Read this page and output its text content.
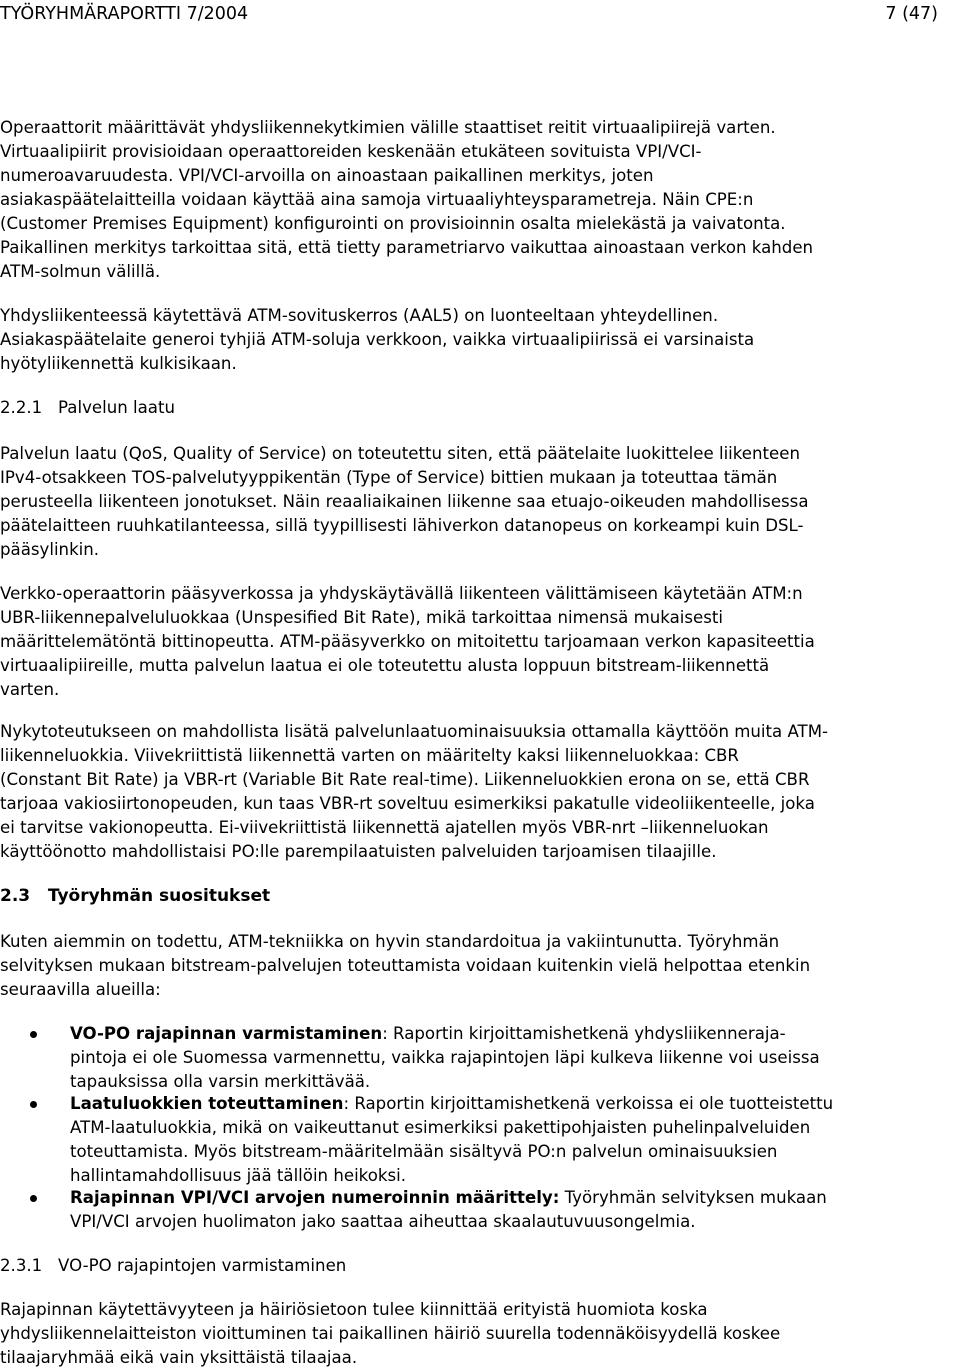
TYÖRYHMÄRAPORTTI 7/2004	7 (47)
Operaattorit määrittävät yhdysliikennekytkimien välille staattiset reitit virtuaalipiirejä varten.
Virtuaalipiirit provisioidaan operaattoreiden keskenään etukäteen sovituista VPI/VCI-
numeroavaruudesta. VPI/VCI-arvoilla on ainoastaan paikallinen merkitys, joten
asiakaspäätelaitteilla voidaan käyttää aina samoja virtuaaliyhteysparametreja. Näin CPE:n
(Customer Premises Equipment) konfigurointi on provisioinnin osalta mielekästä ja vaivatonta.
Paikallinen merkitys tarkoittaa sitä, että tietty parametriarvo vaikuttaa ainoastaan verkon kahden
ATM-solmun välillä.
Yhdysliikenteessä käytettävä ATM-sovituskerros (AAL5) on luonteeltaan yhteydellinen.
Asiakaspäätelaite generoi tyhjiä ATM-soluja verkkoon, vaikka virtuaalipiirissä ei varsinaista
hyötyliikennettä kulkisikaan.
2.2.1   Palvelun laatu
Palvelun laatu (QoS, Quality of Service) on toteutettu siten, että päätelaite luokittelee liikenteen
IPv4-otsakkeen TOS-palvelutyyppikentän (Type of Service) bittien mukaan ja toteuttaa tämän
perusteella liikenteen jonotukset. Näin reaaliaikainen liikenne saa etuajo-oikeuden mahdollisessa
päätelaitteen ruuhkatilanteessa, sillä tyypillisesti lähiverkon datanopeus on korkeampi kuin DSL-
pääsylinkin.
Verkko-operaattorin pääsyverkossa ja yhdyskäytävällä liikenteen välittämiseen käytetään ATM:n
UBR-liikennepalveluluokkaa (Unspesified Bit Rate), mikä tarkoittaa nimensä mukaisesti
määrittelemätöntä bittinopeutta. ATM-pääsyverkko on mitoitettu tarjoamaan verkon kapasiteettia
virtuaalipiireille, mutta palvelun laatua ei ole toteutettu alusta loppuun bitstream-liikennettä
varten.
Nykytoteutukseen on mahdollista lisätä palvelunlaatuominaisuuksia ottamalla käyttöön muita ATM-
liikenneluokkia. Viivekriittistä liikennettä varten on määritelty kaksi liikenneluokkaa: CBR
(Constant Bit Rate) ja VBR-rt (Variable Bit Rate real-time). Liikenneluokkien erona on se, että CBR
tarjoaa vakiosiirtonopeuden, kun taas VBR-rt soveltuu esimerkiksi pakatulle videoliikenteelle, joka
ei tarvitse vakionopeutta. Ei-viivekriittistä liikennettä ajatellen myös VBR-nrt –liikenneluokan
käyttöönotto mahdollistaisi PO:lle parempilaatuisten palveluiden tarjoamisen tilaajille.
2.3   Työryhmän suositukset
Kuten aiemmin on todettu, ATM-tekniikka on hyvin standardoitua ja vakiintunutta. Työryhmän
selvityksen mukaan bitstream-palvelujen toteuttamista voidaan kuitenkin vielä helpottaa etenkin
seuraavilla alueilla:
VO-PO rajapinnan varmistaminen: Raportin kirjoittamishetkenä yhdysliikenneraja-
pintoja ei ole Suomessa varmennettu, vaikka rajapintojen läpi kulkeva liikenne voi useissa
tapauksissa olla varsin merkittävää.
Laatuluokkien toteuttaminen: Raportin kirjoittamishetkenä verkoissa ei ole tuotteistettu
ATM-laatuluokkia, mikä on vaikeuttanut esimerkiksi pakettipohjaisten puhelinpalveluiden
toteuttamista. Myös bitstream-määritelmään sisältyvä PO:n palvelun ominaisuuksien
hallintamahdollisuus jää tällöin heikoksi.
Rajapinnan VPI/VCI arvojen numeroinnin määrittely: Työryhmän selvityksen mukaan
VPI/VCI arvojen huolimaton jako saattaa aiheuttaa skaalautuvuusongelmia.
2.3.1   VO-PO rajapintojen varmistaminen
Rajapinnan käytettävyyteen ja häiriösietoon tulee kiinnittää erityistä huomiota koska
yhdysliikennelaitteiston vioittuminen tai paikallinen häiriö suurella todennäköisyydellä koskee
tilaajaryhmää eikä vain yksittäistä tilaajaa.
